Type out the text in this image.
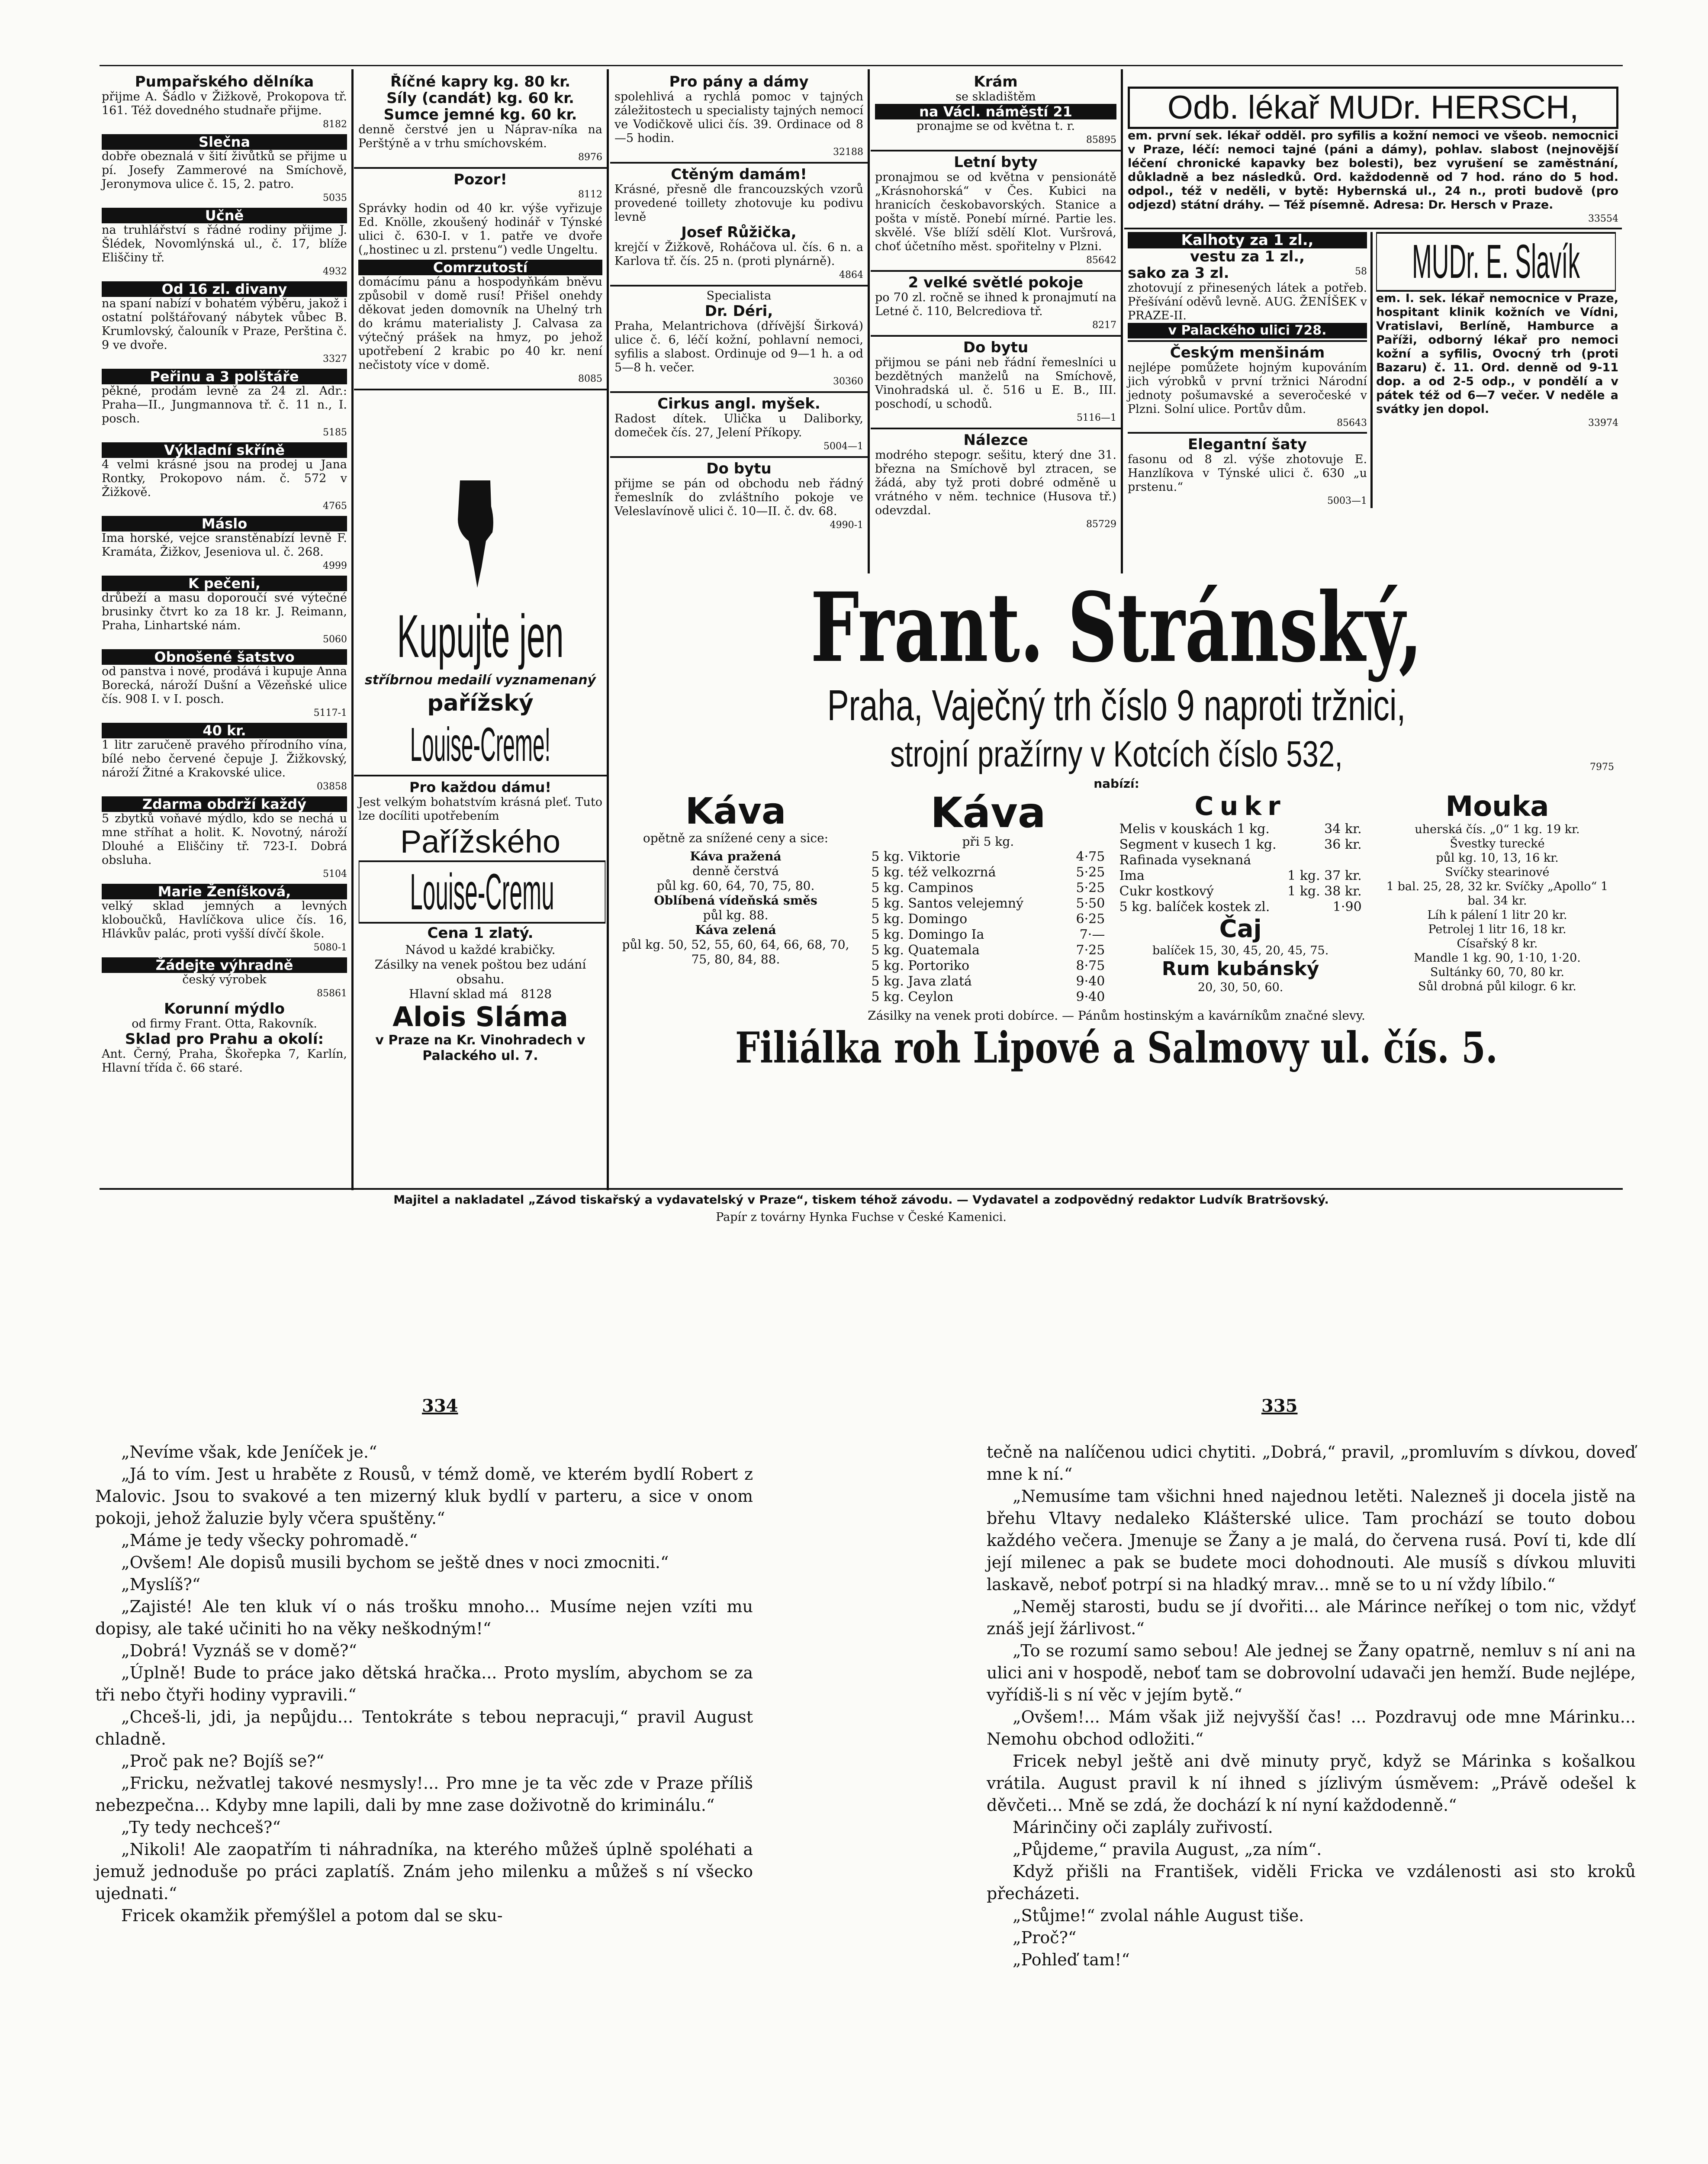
Pumpařského dělníka
přijme A. Šádlo v Žižkově, Prokopova tř. 161. Též dovedného studnaře přijme.
8182
Slečna
dobře obeznalá v šití živůtků se přijme u pí. Josefy Zammerové na Smíchově, Jeronymova ulice č. 15, 2. patro.
5035
Učně
na truhlářství s řádné rodiny přijme J. Šlédek, Novomlýnská ul., č. 17, blíže Eliščiny tř.
4932
Od 16 zl. divany
na spaní nabízí v bohatém výběru, jakož i ostatní polštářovaný nábytek vůbec B. Krumlovský, čalouník v Praze, Perština č. 9 ve dvoře.
3327
Peřinu a 3 polštáře
pěkné, prodám levně za 24 zl. Adr.: Praha—II., Jungmannova tř. č. 11 n., I. posch.
5185
Výkladní skříně
4 velmi krásné jsou na prodej u Jana Rontky, Prokopovo nám. č. 572 v Žižkově.
4765
Máslo
Ima horské, vejce sranstěnabízí levně F. Kramáta, Žižkov, Jeseniova ul. č. 268.
4999
K pečeni,
drůbeží a masu doporoučí své výtečné brusinky čtvrt ko za 18 kr. J. Reimann, Praha, Linhartské nám.
5060
Obnošené šatstvo
od panstva i nové, prodává i kupuje Anna Borecká, nároží Dušní a Vězeňské ulice čís. 908 I. v I. posch.
5117-1
40 kr.
1 litr zaručeně pravého přírodního vína, bílé nebo červené čepuje J. Žižkovský, nároží Žitné a Krakovské ulice.
03858
Zdarma obdrží každý
5 zbytků voňavé mýdlo, kdo se nechá u mne stříhat a holit. K. Novotný, nároží Dlouhé a Eliščiny tř. 723-I. Dobrá obsluha.
5104
Marie Ženíšková,
velký sklad jemných a levných kloboučků, Havlíčkova ulice čís. 16, Hlávkův palác, proti vyšší dívčí škole.
5080-1
Žádejte výhradně
český výrobek
85861
Korunní mýdlo
od firmy Frant. Otta, Rakovník.
Sklad pro Prahu a okolí:
Ant. Černý, Praha, Škořepka 7, Karlín, Hlavní třída č. 66 staré.
Říčné kapry kg. 80 kr.
Síly (candát) kg. 60 kr.
Sumce jemné kg. 60 kr.
denně čerstvé jen u Náprav-níka na Perštýně a v trhu smíchovském.
8976
Pozor!
8112
Správky hodin od 40 kr. výše vyřizuje Ed. Knölle, zkoušený hodinář v Týnské ulici č. 630-I. v 1. patře ve dvoře („hostinec u zl. prstenu“) vedle Ungeltu.
Comrzutostí
domácímu pánu a hospodyňkám bněvu způsobil v domě rusí! Přišel onehdy děkovat jeden domovník na Uhelný trh do krámu materialisty J. Calvasa za výtečný prášek na hmyz, po jehož upotřebení 2 krabic po 40 kr. není nečistoty více v domě.
8085
Kupujte jen
stříbrnou medailí vyznamenaný
pařížský
Louise-Creme!
Pro každou dámu!
Jest velkým bohatstvím krásná pleť. Tuto lze docíliti upotřebením
Pařížského
Louise-Cremu
Cena 1 zlatý.
Návod u každé krabičky.
Zásilky na venek poštou bez udání obsahu.
Hlavní sklad má 8128
Alois Sláma
v Praze na Kr. Vinohradech v Palackého ul. 7.
Pro pány a dámy
spolehlivá a rychlá pomoc v tajných záležitostech u specialisty tajných nemocí ve Vodičkově ulici čís. 39. Ordinace od 8—5 hodin.
32188
Ctěným damám!
Krásné, přesně dle francouzských vzorů provedené toillety zhotovuje ku podivu levně
Josef Růžička,
krejčí v Žižkově, Roháčova ul. čís. 6 n. a Karlova tř. čís. 25 n. (proti plynárně).
4864
Specialista
Dr. Déri,
Praha, Melantrichova (dřívější Širková) ulice č. 6, léčí kožní, pohlavní nemoci, syfilis a slabost. Ordinuje od 9—1 h. a od 5—8 h. večer.
30360
Cirkus angl. myšek.
Radost dítek. Ulička u Daliborky, domeček čís. 27, Jelení Příkopy.
5004—1
Do bytu
přijme se pán od obchodu neb řádný řemeslník do zvláštního pokoje ve Veleslavínově ulici č. 10—II. č. dv. 68.
4990-1
Krám
se skladištěm
na Václ. náměstí 21
pronajme se od května t. r.
85895
Letní byty
pronajmou se od května v pensionátě „Krásnohorská“ v Čes. Kubici na hranicích českobavorských. Stanice a pošta v místě. Ponebí mírné. Partie les. skvělé. Vše blíží sdělí Klot. Vuršrová, choť účetního měst. spořitelny v Plzni.
85642
2 velké světlé pokoje
po 70 zl. ročně se ihned k pronajmutí na Letné č. 110, Belcrediova tř.
8217
Do bytu
přijmou se páni neb řádní řemeslníci u bezdětných manželů na Smíchově, Vinohradská ul. č. 516 u E. B., III. poschodí, u schodů.
5116—1
Nálezce
modrého stepogr. sešitu, který dne 31. března na Smíchově byl ztracen, se žádá, aby tyž proti dobré odměně u vrátného v něm. technice (Husova tř.) odevzdal.
85729
Odb. lékař MUDr. HERSCH,
em. první sek. lékař odděl. pro syfilis a kožní nemoci ve všeob. nemocnici v Praze, léčí: nemoci tajné (páni a dámy), pohlav. slabost (nejnovější léčení chronické kapavky bez bolesti), bez vyrušení se zaměstnání, důkladně a bez následků. Ord. každodenně od 7 hod. ráno do 5 hod. odpol., též v neděli, v bytě: Hybernská ul., 24 n., proti budově (pro odjezd) státní dráhy. — Též písemně. Adresa: Dr. Hersch v Praze.
33554
Kalhoty za 1 zl.,
vestu za 1 zl.,
sako za 3 zl.	58
zhotovují z přinesených látek a potřeb. Přešívání oděvů levně. AUG. ŽENÍŠEK v PRAZE-II.
v Palackého ulici 728.
Českým menšinám
nejlépe pomůžete hojným kupováním jich výrobků v první tržnici Národní jednoty pošumavské a severočeské v Plzni. Solní ulice. Portův dům.
85643
Elegantní šaty
fasonu od 8 zl. výše zhotovuje E. Hanzlíkova v Týnské ulici č. 630 „u prstenu.“
5003—1
MUDr. E. Slavík
em. I. sek. lékař nemocnice v Praze, hospitant klinik kožních ve Vídni, Vratislavi, Berlíně, Hamburce a Paříži, odborný lékař pro nemoci kožní a syfilis, Ovocný trh (proti Bazaru) č. 11. Ord. denně od 9-11 dop. a od 2-5 odp., v pondělí a v pátek též od 6—7 večer. V neděle a svátky jen dopol.
33974
Frant. Stránský,
Praha, Vaječný trh číslo 9 naproti tržnici,
strojní pražírny v Kotcích číslo 532,	7975
nabízí:
Káva
opětně za snížené ceny a sice:
Káva pražená
denně čerstvá
půl kg. 60, 64, 70, 75, 80.
Oblíbená vídeňská směs
půl kg. 88.
Káva zelená
půl kg. 50, 52, 55, 60, 64, 66, 68, 70, 75, 80, 84, 88.
Káva
při 5 kg.
5 kg. Viktorie	4·75
5 kg. též velkozrná	5·25
5 kg. Campinos	5·25
5 kg. Santos velejemný	5·50
5 kg. Domingo	6·25
5 kg. Domingo Ia	7·—
5 kg. Quatemala	7·25
5 kg. Portoriko	8·75
5 kg. Java zlatá	9·40
5 kg. Ceylon	9·40
Cukr
Melis v kouskách 1 kg.	34 kr.
Segment v kusech 1 kg.	36 kr.
Rafinada vyseknaná
Ima	1 kg. 37 kr.
Cukr kostkový	1 kg. 38 kr.
5 kg. balíček kostek zl.	1·90
Čaj
balíček 15, 30, 45, 20, 45, 75.
Rum kubánský
20, 30, 50, 60.
Mouka
uherská čís. „0“ 1 kg. 19 kr.
Švestky turecké
půl kg. 10, 13, 16 kr.
Svíčky stearinové
1 bal. 25, 28, 32 kr. Svíčky „Apollo“ 1 bal. 34 kr.
Líh k pálení 1 litr 20 kr.
Petrolej 1 litr 16, 18 kr.
Císařský 8 kr.
Mandle 1 kg. 90, 1·10, 1·20.
Sultánky 60, 70, 80 kr.
Sůl drobná půl kilogr. 6 kr.
Zásilky na venek proti dobírce. — Pánům hostinským a kavárníkům značné slevy.
Filiálka roh Lipové a Salmovy ul. čís. 5.
Majitel a nakladatel „Závod tiskařský a vydavatelský v Praze“, tiskem téhož závodu. — Vydavatel a zodpovědný redaktor Ludvík Bratršovský.
Papír z továrny Hynka Fuchse v České Kamenici.
334

„Nevíme však, kde Jeníček je.“

„Já to vím. Jest u hraběte z Rousů, v témž domě, ve kterém bydlí Robert z Malovic. Jsou to svakové a ten mizerný kluk bydlí v parteru, a sice v onom pokoji, jehož žaluzie byly včera spuštěny.“

„Máme je tedy všecky pohromadě.“

„Ovšem! Ale dopisů musili bychom se ještě dnes v noci zmocniti.“

„Myslíš?“

„Zajisté! Ale ten kluk ví o nás trošku mnoho... Musíme nejen vzíti mu dopisy, ale také učiniti ho na věky neškodným!“

„Dobrá! Vyznáš se v domě?“

„Úplně! Bude to práce jako dětská hračka... Proto myslím, abychom se za tři nebo čtyři hodiny vypravili.“

„Chceš-li, jdi, ja nepůjdu... Tentokráte s tebou nepracuji,“ pravil August chladně.

„Proč pak ne? Bojíš se?“

„Fricku, nežvatlej takové nesmysly!... Pro mne je ta věc zde v Praze příliš nebezpečna... Kdyby mne lapili, dali by mne zase doživotně do kriminálu.“

„Ty tedy nechceš?“

„Nikoli! Ale zaopatřím ti náhradníka, na kterého můžeš úplně spoléhati a jemuž jednoduše po práci zaplatíš. Znám jeho milenku a můžeš s ní všecko ujednati.“

Fricek okamžik přemýšlel a potom dal se sku-

335

tečně na nalíčenou udici chytiti. „Dobrá,“ pravil, „promluvím s dívkou, doveď mne k ní.“

„Nemusíme tam všichni hned najednou letěti. Nalezneš ji docela jistě na břehu Vltavy nedaleko Klášterské ulice. Tam prochází se touto dobou každého večera. Jmenuje se Žany a je malá, do červena rusá. Poví ti, kde dlí její milenec a pak se budete moci dohodnouti. Ale musíš s dívkou mluviti laskavě, neboť potrpí si na hladký mrav... mně se to u ní vždy líbilo.“

„Neměj starosti, budu se jí dvořiti... ale Márince neříkej o tom nic, vždyť znáš její žárlivost.“

„To se rozumí samo sebou! Ale jednej se Žany opatrně, nemluv s ní ani na ulici ani v hospodě, neboť tam se dobrovolní udavači jen hemží. Bude nejlépe, vyřídiš-li s ní věc v jejím bytě.“

„Ovšem!... Mám však již nejvyšší čas! ... Pozdravuj ode mne Márinku... Nemohu obchod odložiti.“

Fricek nebyl ještě ani dvě minuty pryč, když se Márinka s košalkou vrátila. August pravil k ní ihned s jízlivým úsměvem: „Právě odešel k děvčeti... Mně se zdá, že dochází k ní nyní každodenně.“

Márinčiny oči zaplály zuřivostí.

„Půjdeme,“ pravila August, „za ním“.

Když přišli na František, viděli Fricka ve vzdálenosti asi sto kroků přecházeti.

„Stůjme!“ zvolal náhle August tiše.

„Proč?“

„Pohleď tam!“
